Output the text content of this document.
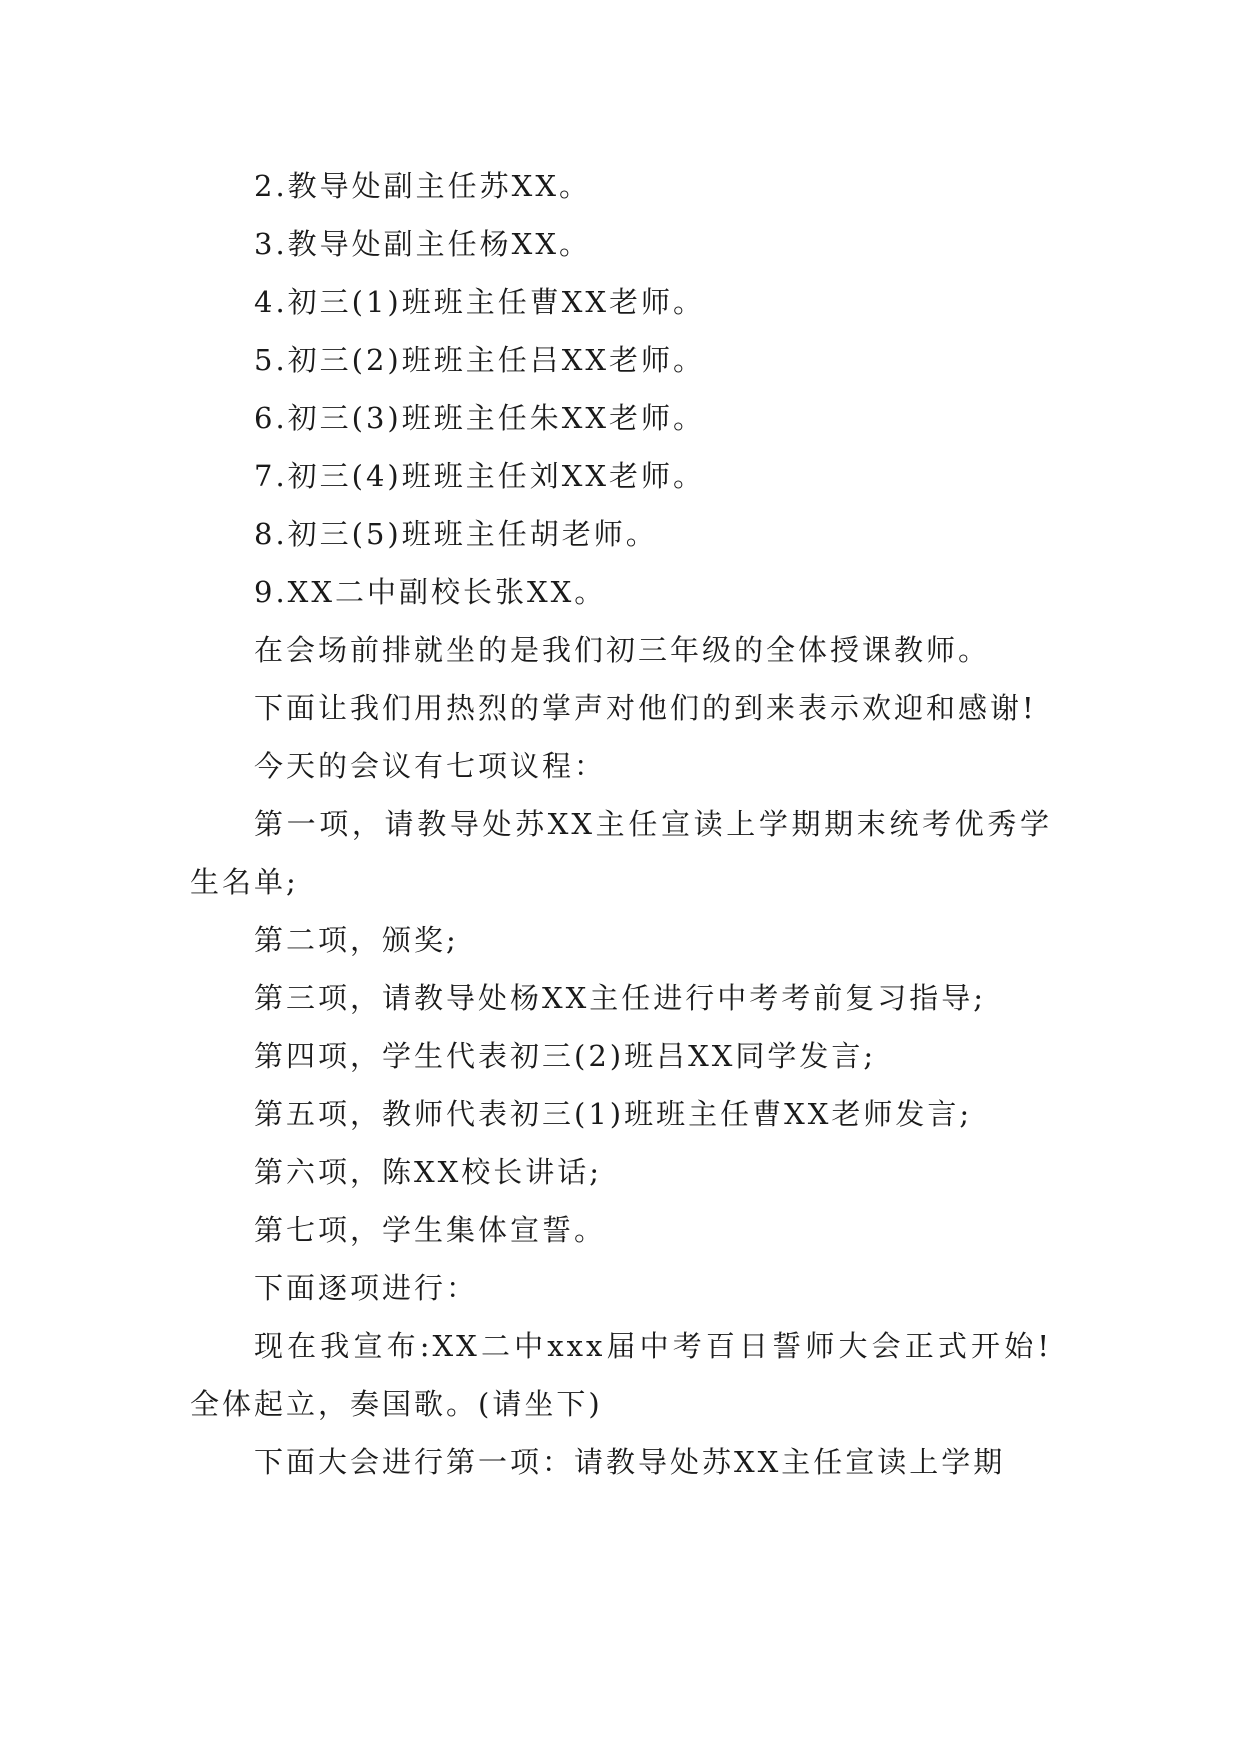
2.教导处副主任苏XX。

3.教导处副主任杨XX。

4.初三(1)班班主任曹XX老师。

5.初三(2)班班主任吕XX老师。

6.初三(3)班班主任朱XX老师。

7.初三(4)班班主任刘XX老师。

8.初三(5)班班主任胡老师。

9.XX二中副校长张XX。

在会场前排就坐的是我们初三年级的全体授课教师。

下面让我们用热烈的掌声对他们的到来表示欢迎和感谢!

今天的会议有七项议程：

第一项，请教导处苏XX主任宣读上学期期末统考优秀学生名单;

第二项，颁奖;

第三项，请教导处杨XX主任进行中考考前复习指导;

第四项，学生代表初三(2)班吕XX同学发言;

第五项，教师代表初三(1)班班主任曹XX老师发言;

第六项，陈XX校长讲话;

第七项，学生集体宣誓。

下面逐项进行：

现在我宣布:XX二中xxx届中考百日誓师大会正式开始!全体起立，奏国歌。(请坐下)

下面大会进行第一项：请教导处苏XX主任宣读上学期
